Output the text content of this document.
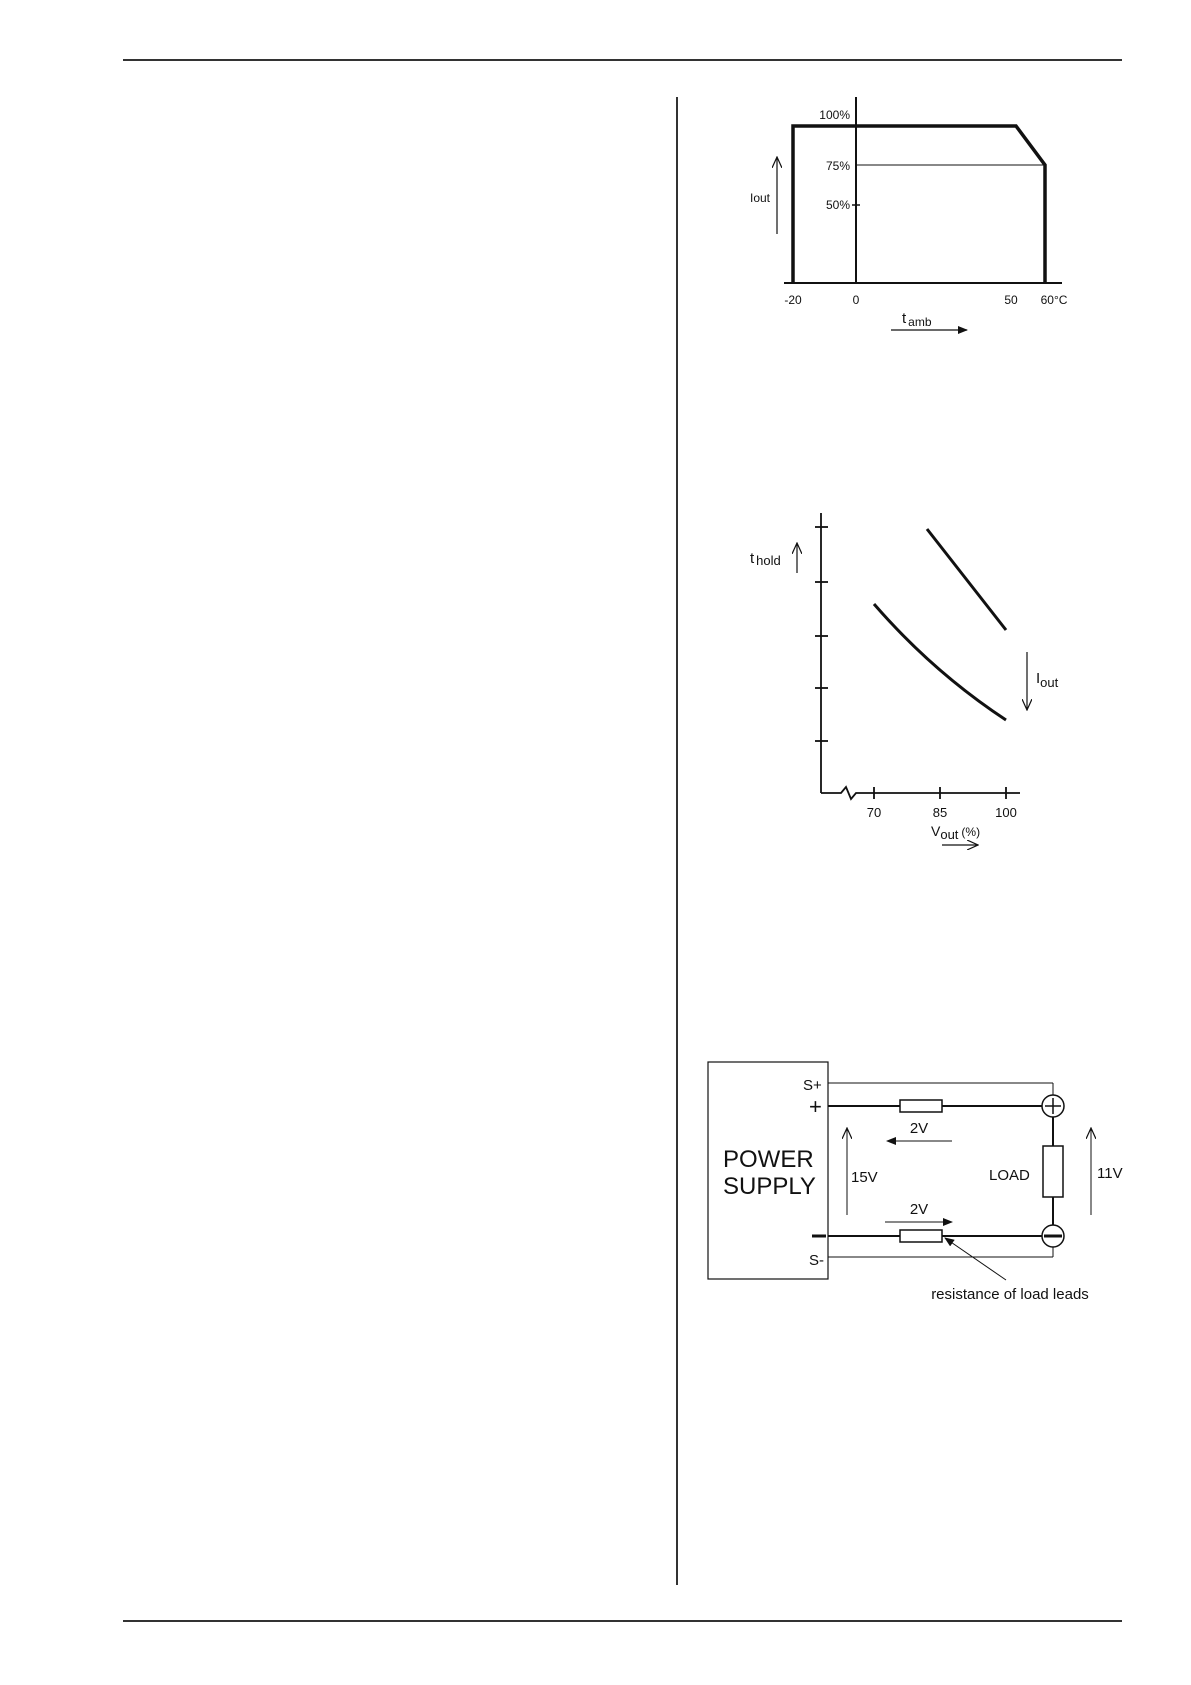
100%
75%
50%
Iout
-20	0	50 60°C
t $_{amb}$
t hold
70	85	100
Vout (%)
Iout
POWER
SUPPLY
S+
S-
+
LOAD
2V
2V
15V	11V
resistance of load leads
